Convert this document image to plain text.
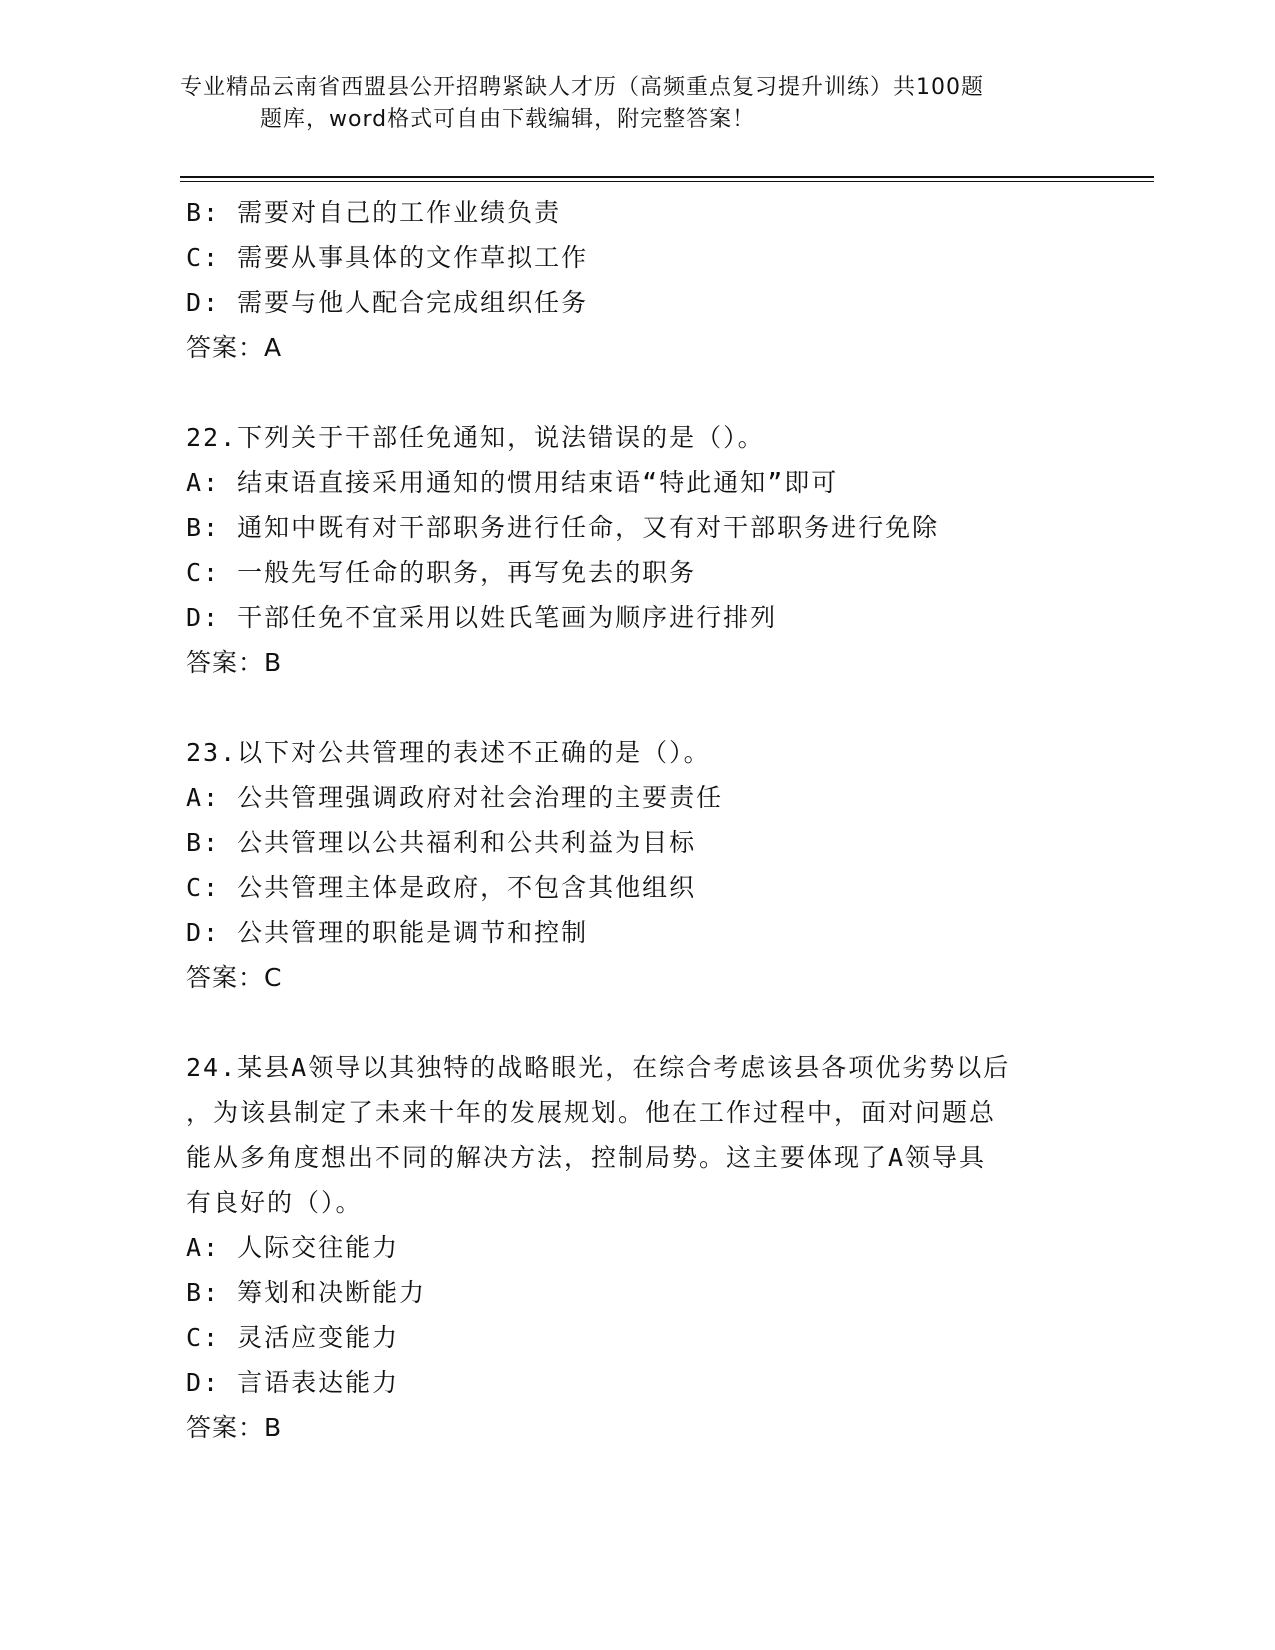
专业精品云南省西盟县公开招聘紧缺人才历（高频重点复习提升训练）共100题
题库，word格式可自由下载编辑，附完整答案！
B: 需要对自己的工作业绩负责
C: 需要从事具体的文作草拟工作
D: 需要与他人配合完成组织任务
答案：A
22.下列关于干部任免通知，说法错误的是（）。
A: 结束语直接采用通知的惯用结束语“特此通知”即可
B: 通知中既有对干部职务进行任命，又有对干部职务进行免除
C: 一般先写任命的职务，再写免去的职务
D: 干部任免不宜采用以姓氏笔画为顺序进行排列
答案：B
23.以下对公共管理的表述不正确的是（）。
A: 公共管理强调政府对社会治理的主要责任
B: 公共管理以公共福利和公共利益为目标
C: 公共管理主体是政府，不包含其他组织
D: 公共管理的职能是调节和控制
答案：C
24.某县A领导以其独特的战略眼光，在综合考虑该县各项优劣势以后
，为该县制定了未来十年的发展规划。他在工作过程中，面对问题总
能从多角度想出不同的解决方法，控制局势。这主要体现了A领导具
有良好的（）。
A: 人际交往能力
B: 筹划和决断能力
C: 灵活应变能力
D: 言语表达能力
答案：B
